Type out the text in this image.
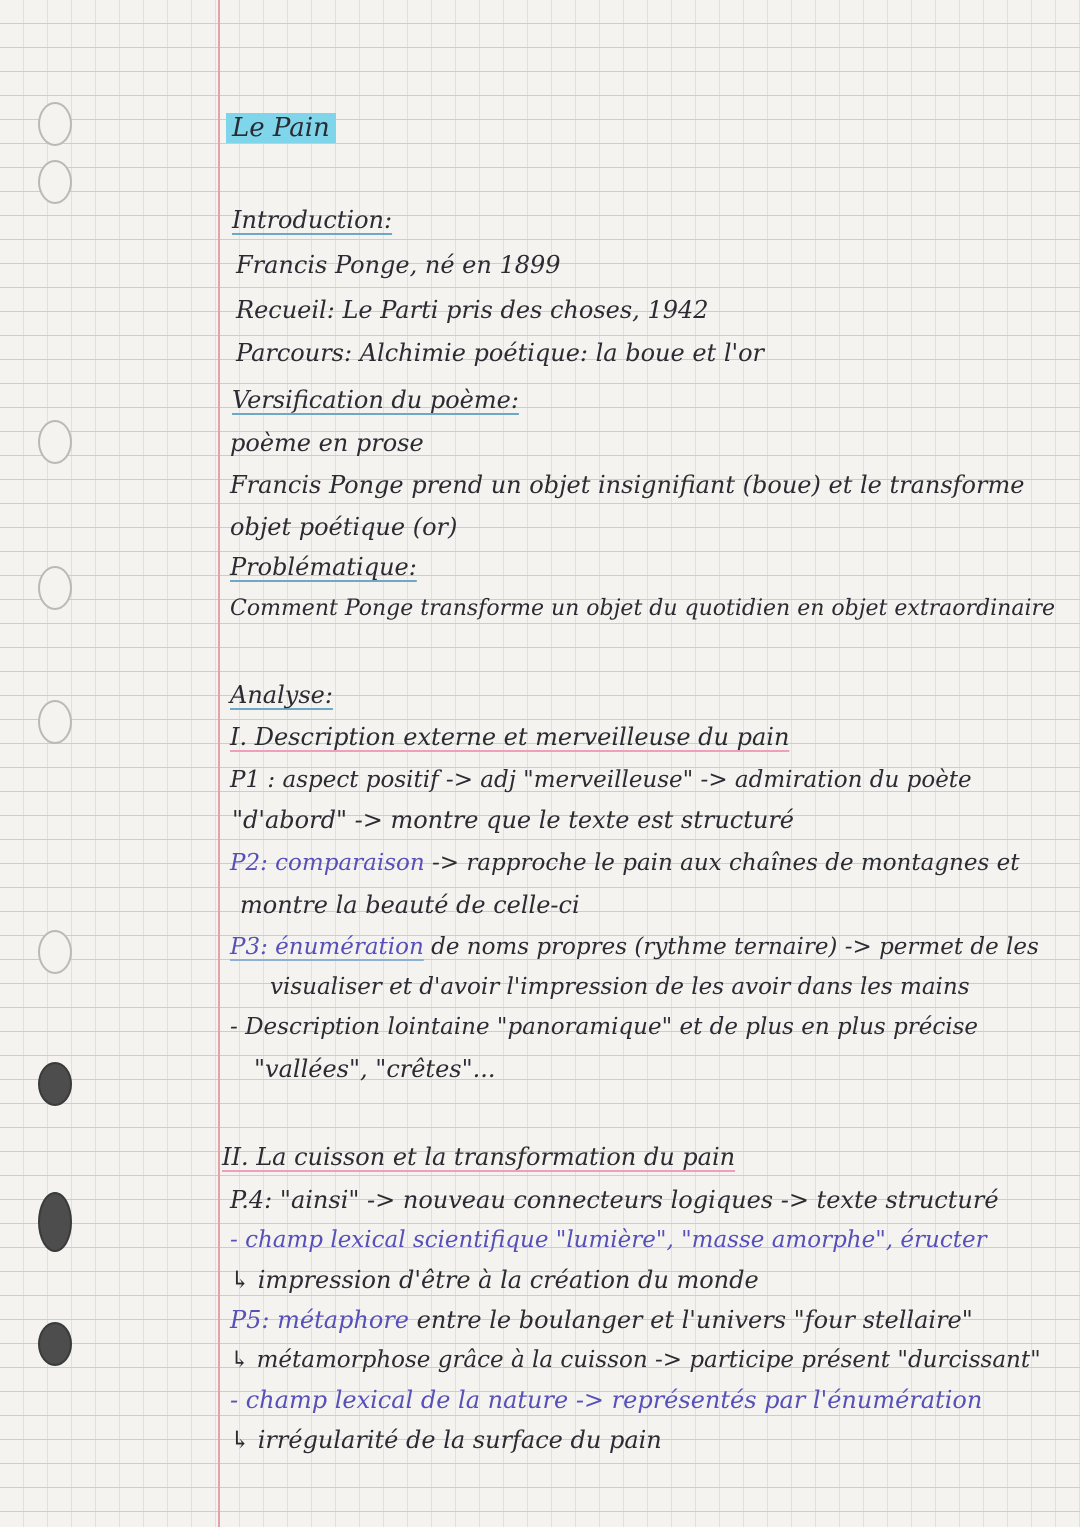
Le Pain
Introduction:
Francis Ponge, né en 1899
Recueil: Le Parti pris des choses, 1942
Parcours: Alchimie poétique: la boue et l'or
Versification du poème:
poème en prose
Francis Ponge prend un objet insignifiant (boue) et le transforme
objet poétique (or)
Problématique:
Comment Ponge transforme un objet du quotidien en objet extraordinaire
Analyse:
I. Description externe et merveilleuse du pain
P1 : aspect positif -> adj "merveilleuse" -> admiration du poète
"d'abord" -> montre que le texte est structuré
P2: comparaison -> rapproche le pain aux chaînes de montagnes et
montre la beauté de celle-ci
P3: énumération de noms propres (rythme ternaire) -> permet de les
visualiser et d'avoir l'impression de les avoir dans les mains
- Description lointaine "panoramique" et de plus en plus précise
"vallées", "crêtes"...
II. La cuisson et la transformation du pain
P.4: "ainsi" -> nouveau connecteurs logiques -> texte structuré
- champ lexical scientifique "lumière", "masse amorphe", éructer
↳ impression d'être à la création du monde
P5: métaphore entre le boulanger et l'univers "four stellaire"
↳ métamorphose grâce à la cuisson -> participe présent "durcissant"
- champ lexical de la nature -> représentés par l'énumération
↳ irrégularité de la surface du pain
